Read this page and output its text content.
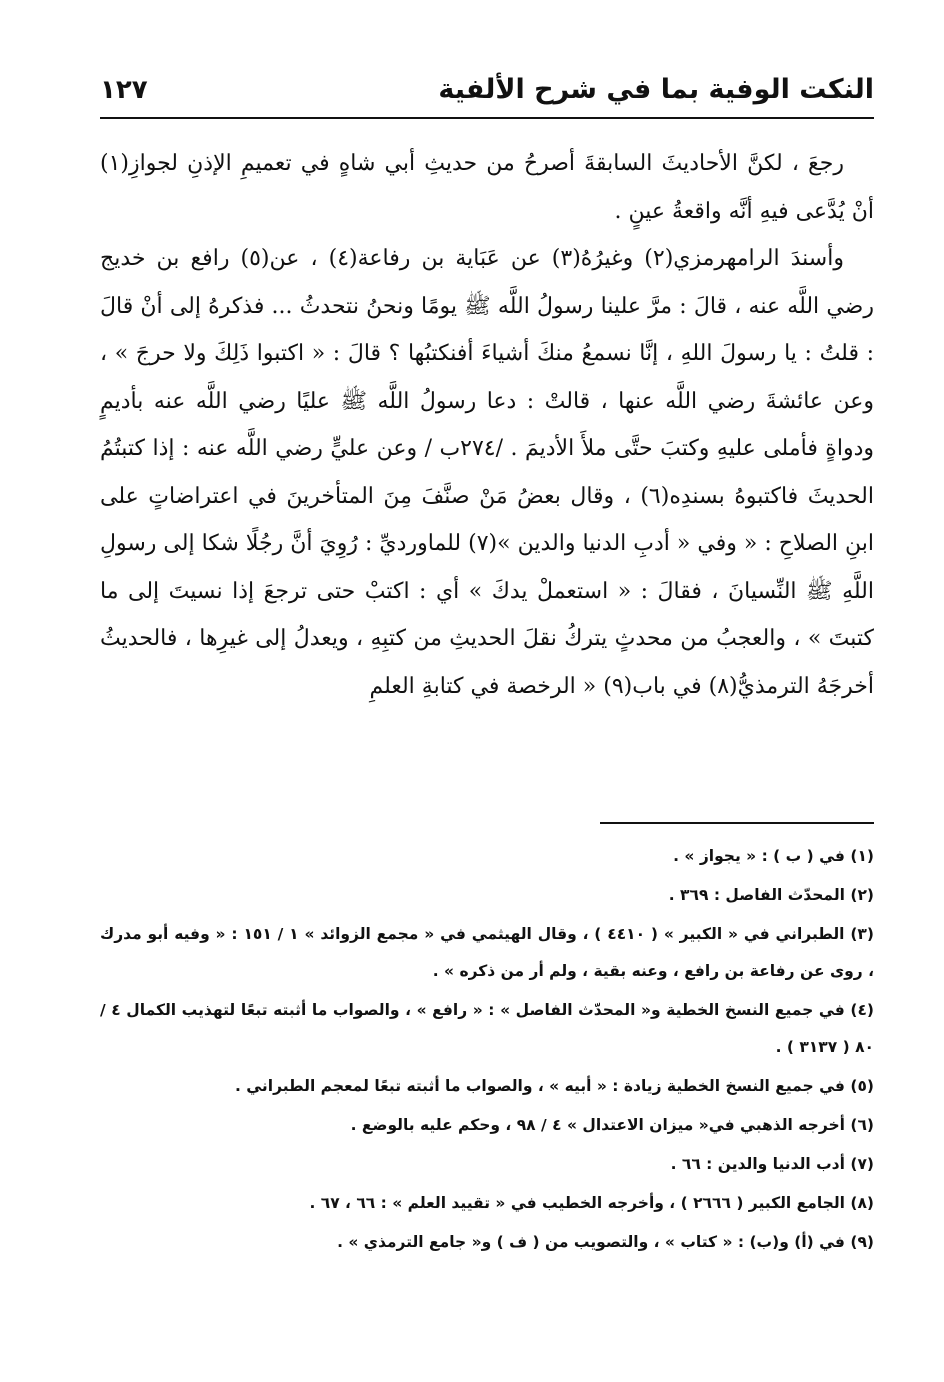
النكت الوفية بما في شرح الألفية
١٢٧

رجعَ ، لكنَّ الأحاديثَ السابقةَ أصرحُ من حديثِ أبي شاهٍ في تعميمِ الإذنِ لجوازِ(١) أنْ يُدَّعى فيهِ أنَّه واقعةُ عينٍ .

وأسندَ الرامهرمزي(٢) وغيرُهُ(٣) عن عَبَاية بن رفاعة(٤) ، عن(٥) رافع بن خديج رضي اللَّه عنه ، قالَ : مرَّ علينا رسولُ اللَّه ﷺ يومًا ونحنُ نتحدثُ ... فذكرهُ إلى أنْ قالَ : قلتُ : يا رسولَ اللهِ ، إنَّا نسمعُ منكَ أشياءَ أفنكتبُها ؟ قالَ : « اكتبوا ذَلِكَ ولا حرجَ » ، وعن عائشةَ رضي اللَّه عنها ، قالتْ : دعا رسولُ اللَّه ﷺ عليًا رضي اللَّه عنه بأديمٍ ودواةٍ فأملى عليهِ وكتبَ حتَّى ملأَ الأديمَ . /٢٧٤ب / وعن عليٍّ رضي اللَّه عنه : إذا كتبتُمُ الحديثَ فاكتبوهُ بسندِه(٦) ، وقال بعضُ مَنْ صنَّفَ مِنَ المتأخرينَ في اعتراضاتٍ على ابنِ الصلاحِ : « وفي « أدبِ الدنيا والدين »(٧) للماورديِّ : رُوِيَ أنَّ رجُلًا شكا إلى رسولِ اللَّهِ ﷺ النِّسيانَ ، فقالَ : « استعملْ يدكَ » أي : اكتبْ حتى ترجعَ إذا نسيتَ إلى ما كتبتَ » ، والعجبُ من محدثٍ يتركُ نقلَ الحديثِ من كتبِهِ ، ويعدلُ إلى غيرِها ، فالحديثُ أخرجَهُ الترمذيُّ(٨) في باب(٩) « الرخصة في كتابةِ العلمِ

(١) في ( ب ) : « يجواز » .
(٢) المحدّث الفاصل : ٣٦٩ .
(٣) الطبراني في « الكبير » ( ٤٤١٠ ) ، وقال الهيثمي في « مجمع الزوائد » ١ / ١٥١ : « وفيه أبو مدرك ، روى عن رفاعة بن رافع ، وعنه بقية ، ولم أر من ذكره » .
(٤) في جميع النسخ الخطية و« المحدّث الفاصل » : « رافع » ، والصواب ما أثبته تبعًا لتهذيب الكمال ٤ / ٨٠ ( ٣١٣٧ ) .
(٥) في جميع النسخ الخطية زيادة : « أبيه » ، والصواب ما أثبته تبعًا لمعجم الطبراني .
(٦) أخرجه الذهبي في« ميزان الاعتدال » ٤ / ٩٨ ، وحكم عليه بالوضع .
(٧) أدب الدنيا والدين : ٦٦ .
(٨) الجامع الكبير ( ٢٦٦٦ ) ، وأخرجه الخطيب في « تقييد العلم » : ٦٦ ، ٦٧ .
(٩) في (أ) و(ب) : « كتاب » ، والتصويب من ( ف ) و« جامع الترمذي » .
